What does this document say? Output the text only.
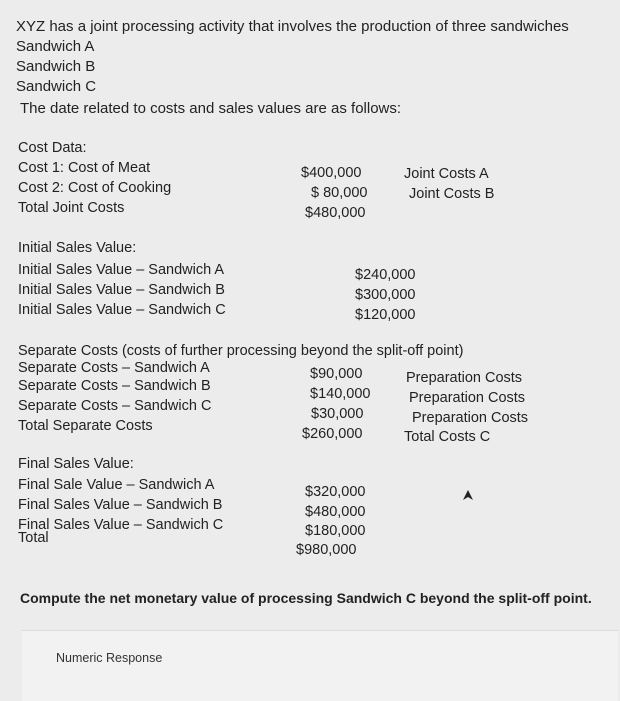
XYZ has a joint processing activity that involves the production of three sandwiches
Sandwich A
Sandwich B
Sandwich C
The date related to costs and sales values are as follows:
Cost Data:
Cost 1: Cost of Meat
Cost 2: Cost of Cooking
Total Joint Costs
$400,000
$ 80,000
$480,000
Joint Costs A
Joint Costs B
Initial Sales Value:
Initial Sales Value – Sandwich A
Initial Sales Value – Sandwich B
Initial Sales Value – Sandwich C
$240,000
$300,000
$120,000
Separate Costs (costs of further processing beyond the split-off point)
Separate Costs – Sandwich A
Separate Costs – Sandwich B
Separate Costs – Sandwich C
Total Separate Costs
$90,000
$140,000
$30,000
$260,000
Preparation Costs
Preparation Costs
Preparation Costs
Total Costs C
Final Sales Value:
Final Sale Value – Sandwich A
Final Sales Value – Sandwich B
Final Sales Value – Sandwich C
Total
$320,000
$480,000
$180,000
$980,000
Compute the net monetary value of processing Sandwich C beyond the split-off point.
Numeric Response
